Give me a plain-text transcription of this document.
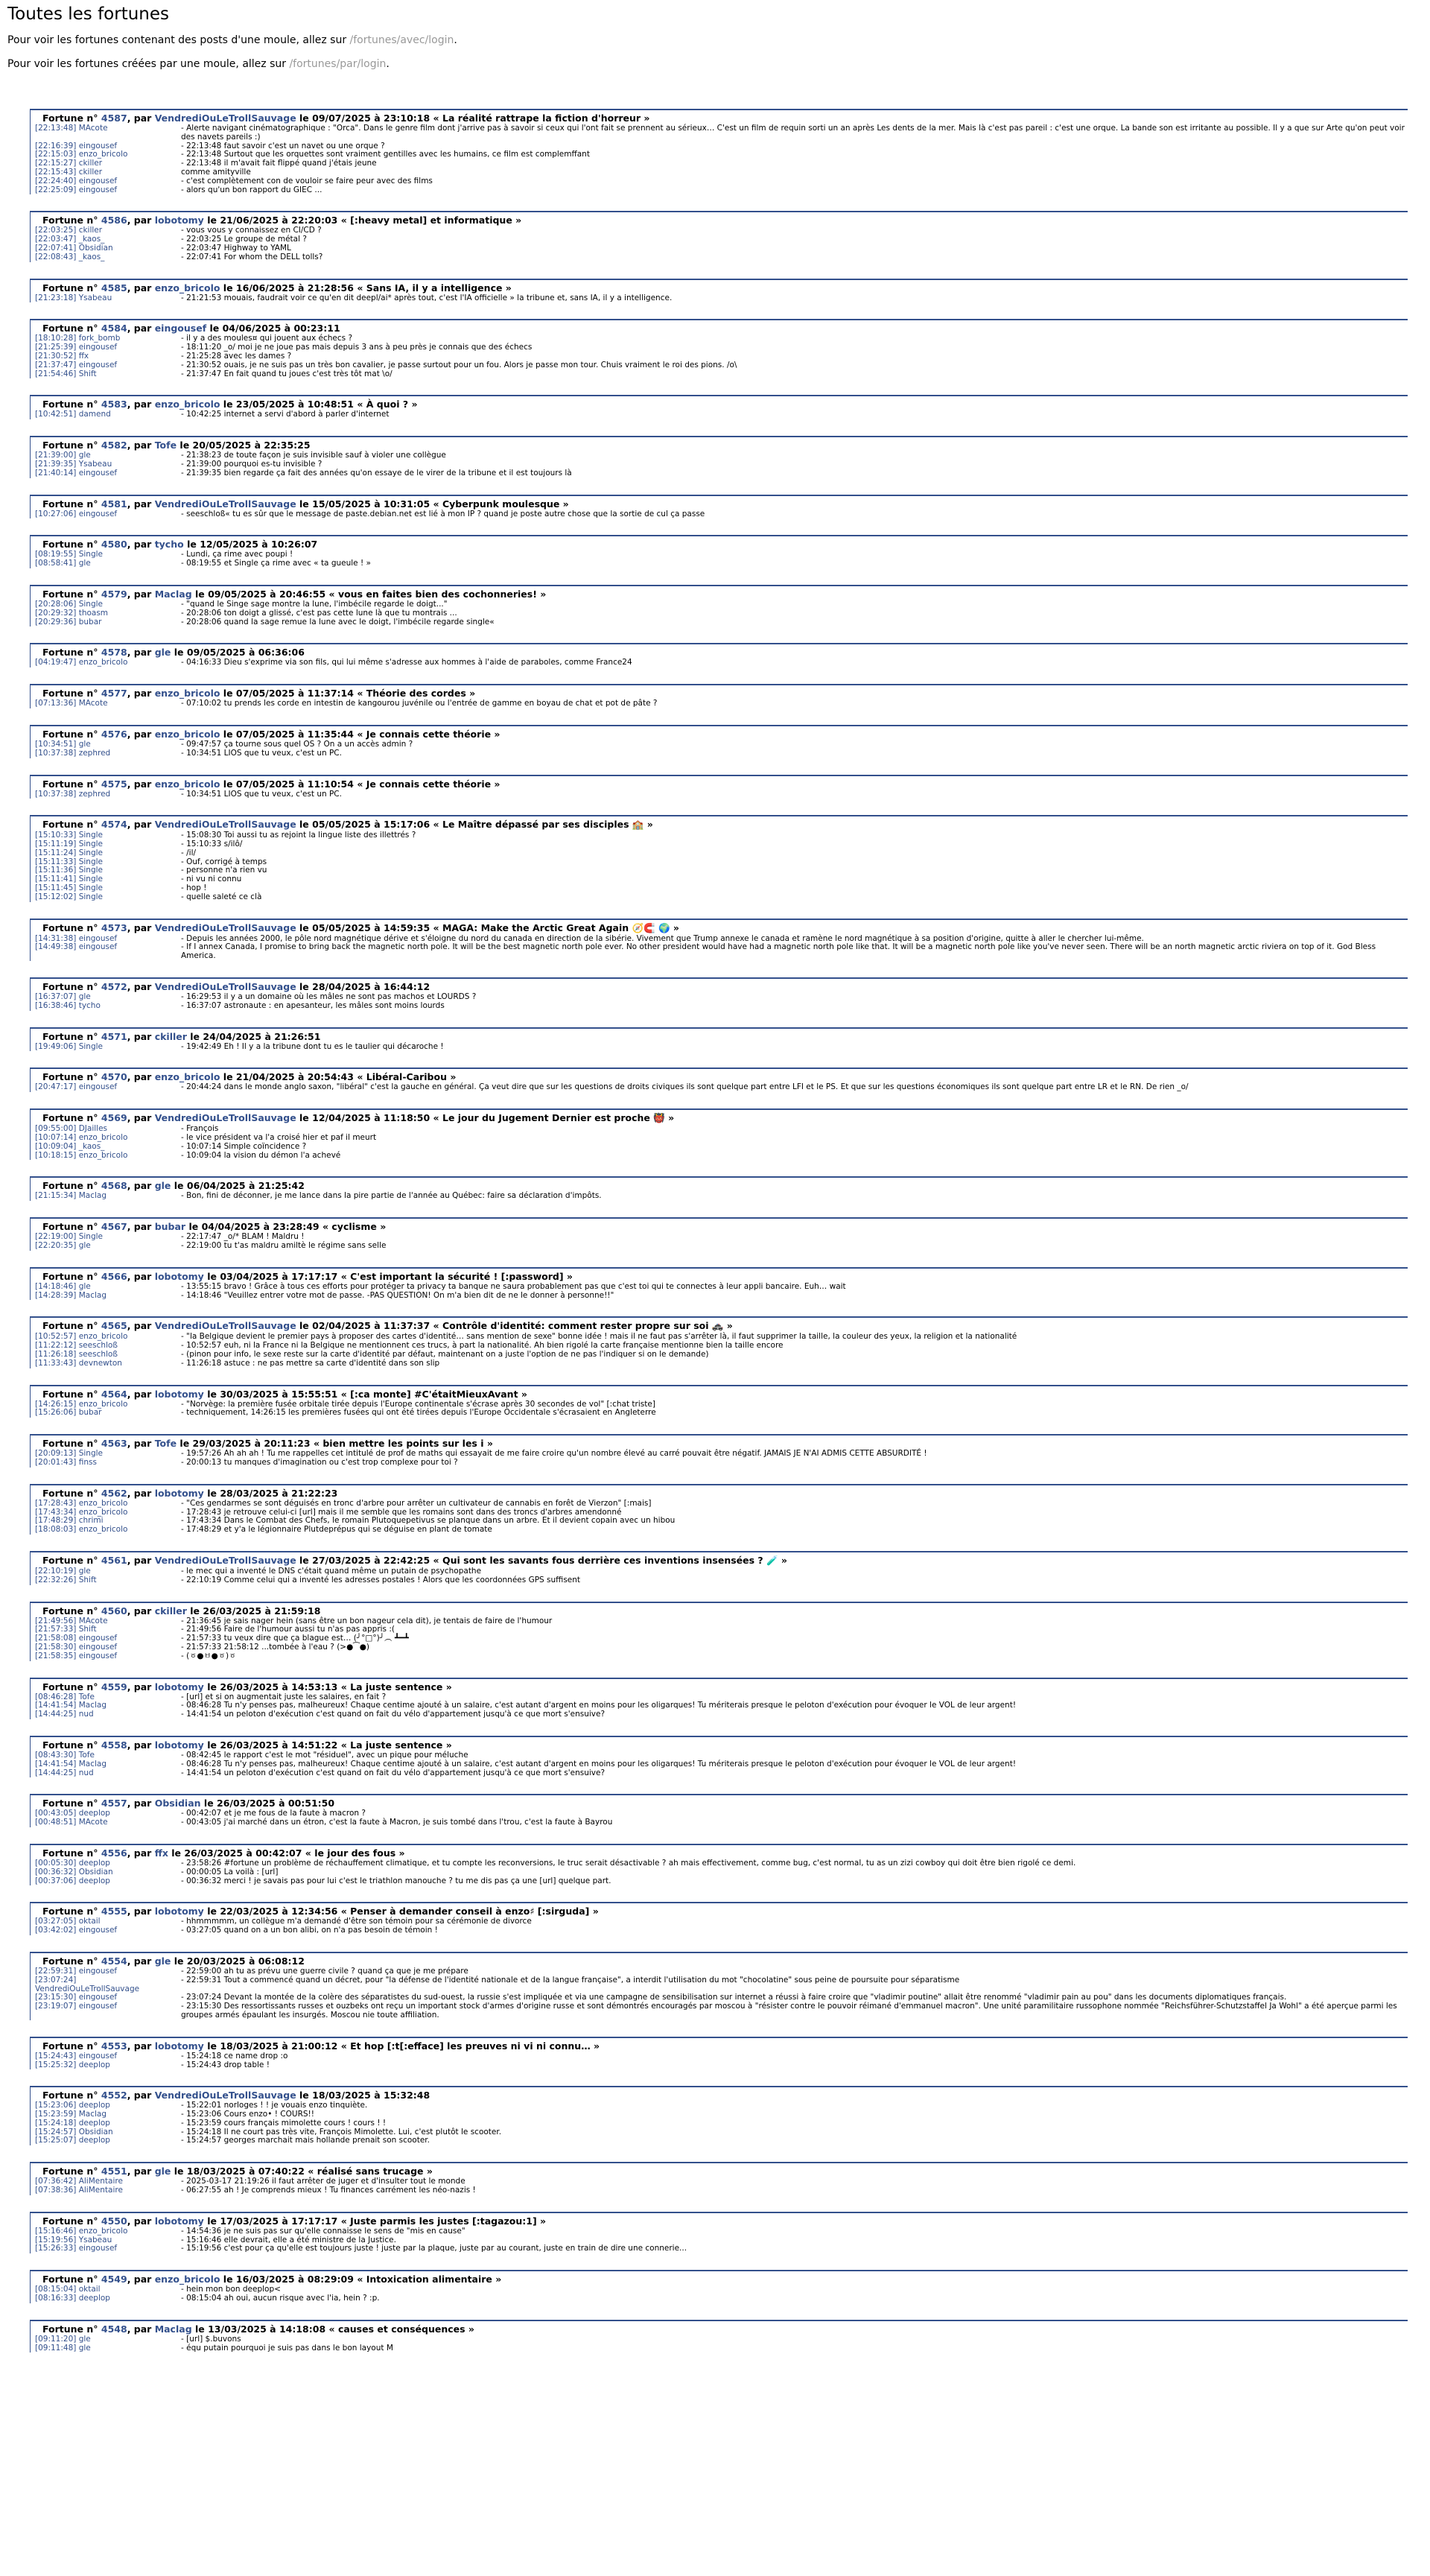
Toutes les fortunes

Pour voir les fortunes contenant des posts d'une moule, allez sur /fortunes/avec/login.

Pour voir les fortunes créées par une moule, allez sur /fortunes/par/login.

Fortune n° 4587, par VendrediOuLeTrollSauvage le 09/07/2025 à 23:10:18 « La réalité rattrape la fiction d'horreur »
[22:13:48] MAcote	- Alerte navigant cinématographique : "Orca". Dans le genre film dont j'arrive pas à savoir si ceux qui l'ont fait se prennent au sérieux… C'est un film de requin sorti un an après Les dents de la mer. Mais là c'est pas pareil : c'est une orque. La bande son est irritante au possible. Il y a que sur Arte qu'on peut voir des navets pareils :)
[22:16:39] eingousef	- 22:13:48 faut savoir c'est un navet ou une orque ?
[22:15:03] enzo_bricolo	- 22:13:48 Surtout que les orquettes sont vraiment gentilles avec les humains, ce film est complemffant
[22:15:27] ckiller	- 22:13:48 il m'avait fait flippé quand j'étais jeune
[22:15:43] ckiller	comme amityville
[22:24:40] eingousef	- c'est complètement con de vouloir se faire peur avec des films
[22:25:09] eingousef	- alors qu'un bon rapport du GIEC ...
Fortune n° 4586, par lobotomy le 21/06/2025 à 22:20:03 « [:heavy metal] et informatique »
[22:03:25] ckiller	- vous vous y connaissez en CI/CD ?
[22:03:47] _kaos_	- 22:03:25 Le groupe de métal ?
[22:07:41] Obsidian	- 22:03:47 Highway to YAML
[22:08:43] _kaos_	- 22:07:41 For whom the DELL tolls?
Fortune n° 4585, par enzo_bricolo le 16/06/2025 à 21:28:56 « Sans IA, il y a intelligence »
[21:23:18] Ysabeau	- 21:21:53 mouais, faudrait voir ce qu'en dit deepl/ai* après tout, c'est l'IA officielle » la tribune et, sans IA, il y a intelligence.
Fortune n° 4584, par eingousef le 04/06/2025 à 00:23:11
[18:10:28] fork_bomb	- il y a des moules¤ qui jouent aux échecs ?
[21:25:39] eingousef	- 18:11:20 _o/ moi je ne joue pas mais depuis 3 ans à peu près je connais que des échecs
[21:30:52] ffx	- 21:25:28 avec les dames ?
[21:37:47] eingousef	- 21:30:52 ouais, je ne suis pas un très bon cavalier, je passe surtout pour un fou. Alors je passe mon tour. Chuis vraiment le roi des pions. /o\
[21:54:46] Shift	- 21:37:47 En fait quand tu joues c'est très tôt mat \o/
Fortune n° 4583, par enzo_bricolo le 23/05/2025 à 10:48:51 « À quoi ? »
[10:42:51] damend	- 10:42:25 internet a servi d'abord à parler d'internet
Fortune n° 4582, par Tofe le 20/05/2025 à 22:35:25
[21:39:00] gle	- 21:38:23 de toute façon je suis invisible sauf à violer une collègue
[21:39:35] Ysabeau	- 21:39:00 pourquoi es-tu invisible ?
[21:40:14] eingousef	- 21:39:35 bien regarde ça fait des années qu'on essaye de le virer de la tribune et il est toujours là
Fortune n° 4581, par VendrediOuLeTrollSauvage le 15/05/2025 à 10:31:05 « Cyberpunk moulesque »
[10:27:06] eingousef	- seeschloß« tu es sûr que le message de paste.debian.net est lié à mon IP ? quand je poste autre chose que la sortie de cul ça passe
Fortune n° 4580, par tycho le 12/05/2025 à 10:26:07
[08:19:55] Single	- Lundi, ça rime avec poupi !
[08:58:41] gle	- 08:19:55 et Single ça rime avec « ta gueule ! »
Fortune n° 4579, par Maclag le 09/05/2025 à 20:46:55 « vous en faites bien des cochonneries! »
[20:28:06] Single	- "quand le Singe sage montre la lune, l'imbécile regarde le doigt..."
[20:29:32] thoasm	- 20:28:06 ton doigt a glissé, c'est pas cette lune là que tu montrais ...
[20:29:36] bubar	- 20:28:06 quand la sage remue la lune avec le doigt, l'imbécile regarde single«
Fortune n° 4578, par gle le 09/05/2025 à 06:36:06
[04:19:47] enzo_bricolo	- 04:16:33 Dieu s'exprime via son fils, qui lui même s'adresse aux hommes à l'aide de paraboles, comme France24
Fortune n° 4577, par enzo_bricolo le 07/05/2025 à 11:37:14 « Théorie des cordes »
[07:13:36] MAcote	- 07:10:02 tu prends les corde en intestin de kangourou juvénile ou l'entrée de gamme en boyau de chat et pot de pâte ?
Fortune n° 4576, par enzo_bricolo le 07/05/2025 à 11:35:44 « Je connais cette théorie »
[10:34:51] gle	- 09:47:57 ça tourne sous quel OS ? On a un accès admin ?
[10:37:38] zephred	- 10:34:51 LIOS que tu veux, c'est un PC.
Fortune n° 4575, par enzo_bricolo le 07/05/2025 à 11:10:54 « Je connais cette théorie »
[10:37:38] zephred	- 10:34:51 LIOS que tu veux, c'est un PC.
Fortune n° 4574, par VendrediOuLeTrollSauvage le 05/05/2025 à 15:17:06 « Le Maître dépassé par ses disciples 🏫 »
[15:10:33] Single	- 15:08:30 Toi aussi tu as rejoint la lingue liste des illettrés ?
[15:11:19] Single	- 15:10:33 s/ilô/
[15:11:24] Single	- /il/
[15:11:33] Single	- Ouf, corrigé à temps
[15:11:36] Single	- personne n'a rien vu
[15:11:41] Single	- ni vu ni connu
[15:11:45] Single	- hop !
[15:12:02] Single	- quelle saleté ce clà
Fortune n° 4573, par VendrediOuLeTrollSauvage le 05/05/2025 à 14:59:35 « MAGA: Make the Arctic Great Again 🧭🧲 🌍 »
[14:31:38] eingousef	- Depuis les années 2000, le pôle nord magnétique dérive et s'éloigne du nord du canada en direction de la sibérie. Vivement que Trump annexe le canada et ramène le nord magnétique à sa position d'origine, quitte à aller le chercher lui-même.
[14:49:38] eingousef	- If I annex Canada, I promise to bring back the magnetic north pole. It will be the best magnetic north pole ever. No other president would have had a magnetic north pole like that. It will be a magnetic north pole like you've never seen. There will be an north magnetic arctic riviera on top of it. God Bless America.
Fortune n° 4572, par VendrediOuLeTrollSauvage le 28/04/2025 à 16:44:12
[16:37:07] gle	- 16:29:53 il y a un domaine où les mâles ne sont pas machos et LOURDS ?
[16:38:46] tycho	- 16:37:07 astronaute : en apesanteur, les mâles sont moins lourds
Fortune n° 4571, par ckiller le 24/04/2025 à 21:26:51
[19:49:06] Single	- 19:42:49 Eh ! Il y a la tribune dont tu es le taulier qui décaroche !
Fortune n° 4570, par enzo_bricolo le 21/04/2025 à 20:54:43 « Libéral-Caribou »
[20:47:17] eingousef	- 20:44:24 dans le monde anglo saxon, "libéral" c'est la gauche en général. Ça veut dire que sur les questions de droits civiques ils sont quelque part entre LFI et le PS. Et que sur les questions économiques ils sont quelque part entre LR et le RN. De rien _o/
Fortune n° 4569, par VendrediOuLeTrollSauvage le 12/04/2025 à 11:18:50 « Le jour du Jugement Dernier est proche 👹 »
[09:55:00] DJailles	- François
[10:07:14] enzo_bricolo	- le vice président va l'a croisé hier et paf il meurt
[10:09:04] _kaos_	- 10:07:14 Simple coïncidence ?
[10:18:15] enzo_bricolo	- 10:09:04 la vision du démon l'a achevé
Fortune n° 4568, par gle le 06/04/2025 à 21:25:42
[21:15:34] Maclag	- Bon, fini de déconner, je me lance dans la pire partie de l'année au Québec: faire sa déclaration d'impôts.
Fortune n° 4567, par bubar le 04/04/2025 à 23:28:49 « cyclisme »
[22:19:00] Single	- 22:17:47 _o/* BLAM ! Maldru !
[22:20:35] gle	- 22:19:00 tu t'as maldru amiltè le régime sans selle
Fortune n° 4566, par lobotomy le 03/04/2025 à 17:17:17 « C'est important la sécurité ! [:password] »
[14:18:46] gle	- 13:55:15 bravo ! Grâce à tous ces efforts pour protéger ta privacy ta banque ne saura probablement pas que c'est toi qui te connectes à leur appli bancaire. Euh… wait
[14:28:39] Maclag	- 14:18:46 "Veuillez entrer votre mot de passe. -PAS QUESTION! On m'a bien dit de ne le donner à personne!!"
Fortune n° 4565, par VendrediOuLeTrollSauvage le 02/04/2025 à 11:37:37 « Contrôle d'identité: comment rester propre sur soi 🚓 »
[10:52:57] enzo_bricolo	- "la Belgique devient le premier pays à proposer des cartes d'identité… sans mention de sexe" bonne idée ! mais il ne faut pas s'arrêter là, il faut supprimer la taille, la couleur des yeux, la religion et la nationalité
[11:22:12] seeschloß	- 10:52:57 euh, ni la France ni la Belgique ne mentionnent ces trucs, à part la nationalité. Ah bien rigolé la carte française mentionne bien la taille encore
[11:26:18] seeschloß	- (pinon pour info, le sexe reste sur la carte d'identité par défaut, maintenant on a juste l'option de ne pas l'indiquer si on le demande)
[11:33:43] devnewton	- 11:26:18 astuce : ne pas mettre sa carte d'identité dans son slip
Fortune n° 4564, par lobotomy le 30/03/2025 à 15:55:51 « [:ca monte] #C'étaitMieuxAvant »
[14:26:15] enzo_bricolo	- "Norvège: la première fusée orbitale tirée depuis l'Europe continentale s'écrase après 30 secondes de vol" [:chat triste]
[15:26:06] bubar	- techniquement, 14:26:15 les premières fusées qui ont été tirées depuis l'Europe Occidentale s'écrasaient en Angleterre
Fortune n° 4563, par Tofe le 29/03/2025 à 20:11:23 « bien mettre les points sur les i »
[20:09:13] Single	- 19:57:26 Ah ah ah ! Tu me rappelles cet intitulé de prof de maths qui essayait de me faire croire qu'un nombre élevé au carré pouvait être négatif. JAMAIS JE N'AI ADMIS CETTE ABSURDITÉ !
[20:01:43] finss	- 20:00:13 tu manques d'imagination ou c'est trop complexe pour toi ?
Fortune n° 4562, par lobotomy le 28/03/2025 à 21:22:23
[17:28:43] enzo_bricolo	- "Ces gendarmes se sont déguisés en tronc d'arbre pour arrêter un cultivateur de cannabis en forêt de Vierzon" [:mais]
[17:43:34] enzo_bricolo	- 17:28:43 je retrouve celui-ci [url] mais il me semble que les romains sont dans des troncs d'arbres amendonné
[17:48:29] chrimi	- 17:43:34 Dans le Combat des Chefs, le romain Plutoquepetivus se planque dans un arbre. Et il devient copain avec un hibou
[18:08:03] enzo_bricolo	- 17:48:29 et y'a le légionnaire Plutdeprépus qui se déguise en plant de tomate
Fortune n° 4561, par VendrediOuLeTrollSauvage le 27/03/2025 à 22:42:25 « Qui sont les savants fous derrière ces inventions insensées ? 🧪 »
[22:10:19] gle	- le mec qui a inventé le DNS c'était quand même un putain de psychopathe
[22:32:26] Shift	- 22:10:19 Comme celui qui a inventé les adresses postales ! Alors que les coordonnées GPS suffisent
Fortune n° 4560, par ckiller le 26/03/2025 à 21:59:18
[21:49:56] MAcote	- 21:36:45 je sais nager hein (sans être un bon nageur cela dit), je tentais de faire de l'humour
[21:57:33] Shift	- 21:49:56 Faire de l'humour aussi tu n'as pas appris :(
[21:58:08] eingousef	- 21:57:33 tu veux dire que ça blague est… (╯°□°)╯︵ ┻━┻
[21:58:30] eingousef	- 21:57:33 21:58:12 ...tombée à l'eau ? (>●⁀●)
[21:58:35] eingousef	- (ㆆ●ㅂ●ㆆ)ㆆ
Fortune n° 4559, par lobotomy le 26/03/2025 à 14:53:13 « La juste sentence »
[08:46:28] Tofe	- [url] et si on augmentait juste les salaires, en fait ?
[14:41:54] Maclag	- 08:46:28 Tu n'y penses pas, malheureux! Chaque centime ajouté à un salaire, c'est autant d'argent en moins pour les oligarques! Tu mériterais presque le peloton d'exécution pour évoquer le VOL de leur argent!
[14:44:25] nud	- 14:41:54 un peloton d'exécution c'est quand on fait du vélo d'appartement jusqu'à ce que mort s'ensuive?
Fortune n° 4558, par lobotomy le 26/03/2025 à 14:51:22 « La juste sentence »
[08:43:30] Tofe	- 08:42:45 le rapport c'est le mot "résiduel", avec un pique pour méluche
[14:41:54] Maclag	- 08:46:28 Tu n'y penses pas, malheureux! Chaque centime ajouté à un salaire, c'est autant d'argent en moins pour les oligarques! Tu mériterais presque le peloton d'exécution pour évoquer le VOL de leur argent!
[14:44:25] nud	- 14:41:54 un peloton d'exécution c'est quand on fait du vélo d'appartement jusqu'à ce que mort s'ensuive?
Fortune n° 4557, par Obsidian le 26/03/2025 à 00:51:50
[00:43:05] deeplop	- 00:42:07 et je me fous de la faute à macron ?
[00:48:51] MAcote	- 00:43:05 j'ai marché dans un étron, c'est la faute à Macron, je suis tombé dans l'trou, c'est la faute à Bayrou
Fortune n° 4556, par ffx le 26/03/2025 à 00:42:07 « le jour des fous »
[00:05:30] deeplop	- 23:58:26 #fortune un problème de réchauffement climatique, et tu compte les reconversions, le truc serait désactivable ? ah mais effectivement, comme bug, c'est normal, tu as un zizi cowboy qui doit être bien rigolé ce demi.
[00:36:32] Obsidian	- 00:00:05 La voilà : [url]
[00:37:06] deeplop	- 00:36:32 merci ! je savais pas pour lui c'est le triathlon manouche ? tu me dis pas ça une [url] quelque part.
Fortune n° 4555, par lobotomy le 22/03/2025 à 12:34:56 « Penser à demander conseil à enzo♯ [:sirguda] »
[03:27:05] oktail	- hhmmmmm, un collègue m'a demandé d'être son témoin pour sa cérémonie de divorce
[03:42:02] eingousef	- 03:27:05 quand on a un bon alibi, on n'a pas besoin de témoin !
Fortune n° 4554, par gle le 20/03/2025 à 06:08:12
[22:59:31] eingousef	- 22:59:00 ah tu as prévu une guerre civile ? quand ça que je me prépare
[23:07:24] VendrediOuLeTrollSauvage
- 22:59:31 Tout a commencé quand un décret, pour "la défense de l'identité nationale et de la langue française", a interdit l'utilisation du mot "chocolatine" sous peine de poursuite pour séparatisme
[23:15:30] eingousef	- 23:07:24 Devant la montée de la colère des séparatistes du sud-ouest, la russie s'est impliquée et via une campagne de sensibilisation sur internet a réussi à faire croire que "vladimir poutine" allait être renommé "vladimir pain au pou" dans les documents diplomatiques français.
[23:19:07] eingousef	- 23:15:30 Des ressortissants russes et ouzbeks ont reçu un important stock d'armes d'origine russe et sont démontrés encouragés par moscou à "résister contre le pouvoir réimané d'emmanuel macron". Une unité paramilitaire russophone nommée "Reichsführer-Schutzstaffel Ja Wohl" a été aperçue parmi les groupes armés épaulant les insurgés. Moscou nie toute affiliation.
Fortune n° 4553, par lobotomy le 18/03/2025 à 21:00:12 « Et hop [:t[:efface] les preuves ni vi ni connu… »
[15:24:43] eingousef	- 15:24:18 ce name drop :o
[15:25:32] deeplop	- 15:24:43 drop table !
Fortune n° 4552, par VendrediOuLeTrollSauvage le 18/03/2025 à 15:32:48
[15:23:06] deeplop	- 15:22:01 norloges ! ! je vouais enzo tinquiète.
[15:23:59] Maclag	- 15:23:06 Cours enzo• ! COURS!!
[15:24:18] deeplop	- 15:23:59 cours français mimolette cours ! cours ! !
[15:24:57] Obsidian	- 15:24:18 Il ne court pas très vite, François Mimolette. Lui, c'est plutôt le scooter.
[15:25:07] deeplop	- 15:24:57 georges marchait mais hollande prenait son scooter.
Fortune n° 4551, par gle le 18/03/2025 à 07:40:22 « réalisé sans trucage »
[07:36:42] AliMentaire	- 2025-03-17 21:19:26 il faut arrêter de juger et d'insulter tout le monde
[07:38:36] AliMentaire	- 06:27:55 ah ! Je comprends mieux ! Tu finances carrément les néo-nazis !
Fortune n° 4550, par lobotomy le 17/03/2025 à 17:17:17 « Juste parmis les justes [:tagazou:1] »
[15:16:46] enzo_bricolo	- 14:54:36 je ne suis pas sur qu'elle connaisse le sens de "mis en cause"
[15:19:56] Ysabeau	- 15:16:46 elle devrait, elle a été ministre de la Justice.
[15:26:33] eingousef	- 15:19:56 c'est pour ça qu'elle est toujours juste ! juste par la plaque, juste par au courant, juste en train de dire une connerie...
Fortune n° 4549, par enzo_bricolo le 16/03/2025 à 08:29:09 « Intoxication alimentaire »
[08:15:04] oktail	- hein mon bon deeplop<
[08:16:33] deeplop	- 08:15:04 ah oui, aucun risque avec l'ia, hein ? :p.
Fortune n° 4548, par Maclag le 13/03/2025 à 14:18:08 « causes et conséquences »
[09:11:20] gle	- [url] $.buvons
[09:11:48] gle	- équ putain pourquoi je suis pas dans le bon layout M
